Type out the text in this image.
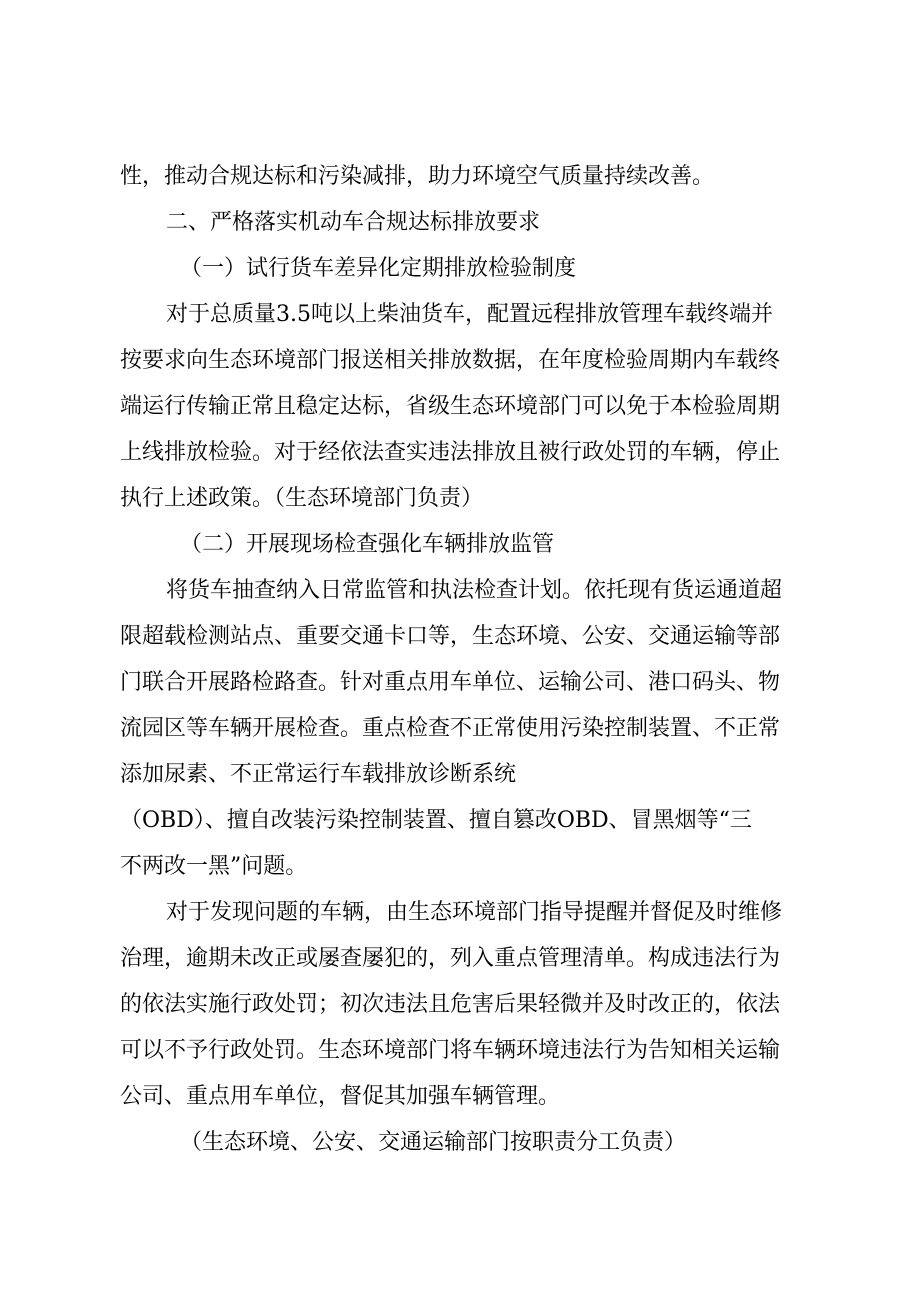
性，推动合规达标和污染减排，助力环境空气质量持续改善。

二、严格落实机动车合规达标排放要求

（一）试行货车差异化定期排放检验制度

对于总质量3.5吨以上柴油货车，配置远程排放管理车载终端并

按要求向生态环境部门报送相关排放数据，在年度检验周期内车载终

端运行传输正常且稳定达标，省级生态环境部门可以免于本检验周期

上线排放检验。对于经依法查实违法排放且被行政处罚的车辆，停止

执行上述政策。（生态环境部门负责）

（二）开展现场检查强化车辆排放监管

将货车抽查纳入日常监管和执法检查计划。依托现有货运通道超

限超载检测站点、重要交通卡口等，生态环境、公安、交通运输等部

门联合开展路检路查。针对重点用车单位、运输公司、港口码头、物

流园区等车辆开展检查。重点检查不正常使用污染控制装置、不正常

添加尿素、不正常运行车载排放诊断系统

（OBD）、擅自改装污染控制装置、擅自篡改OBD、冒黑烟等“三

不两改一黑”问题。

对于发现问题的车辆，由生态环境部门指导提醒并督促及时维修

治理，逾期未改正或屡查屡犯的，列入重点管理清单。构成违法行为

的依法实施行政处罚；初次违法且危害后果轻微并及时改正的，依法

可以不予行政处罚。生态环境部门将车辆环境违法行为告知相关运输

公司、重点用车单位，督促其加强车辆管理。

（生态环境、公安、交通运输部门按职责分工负责）
